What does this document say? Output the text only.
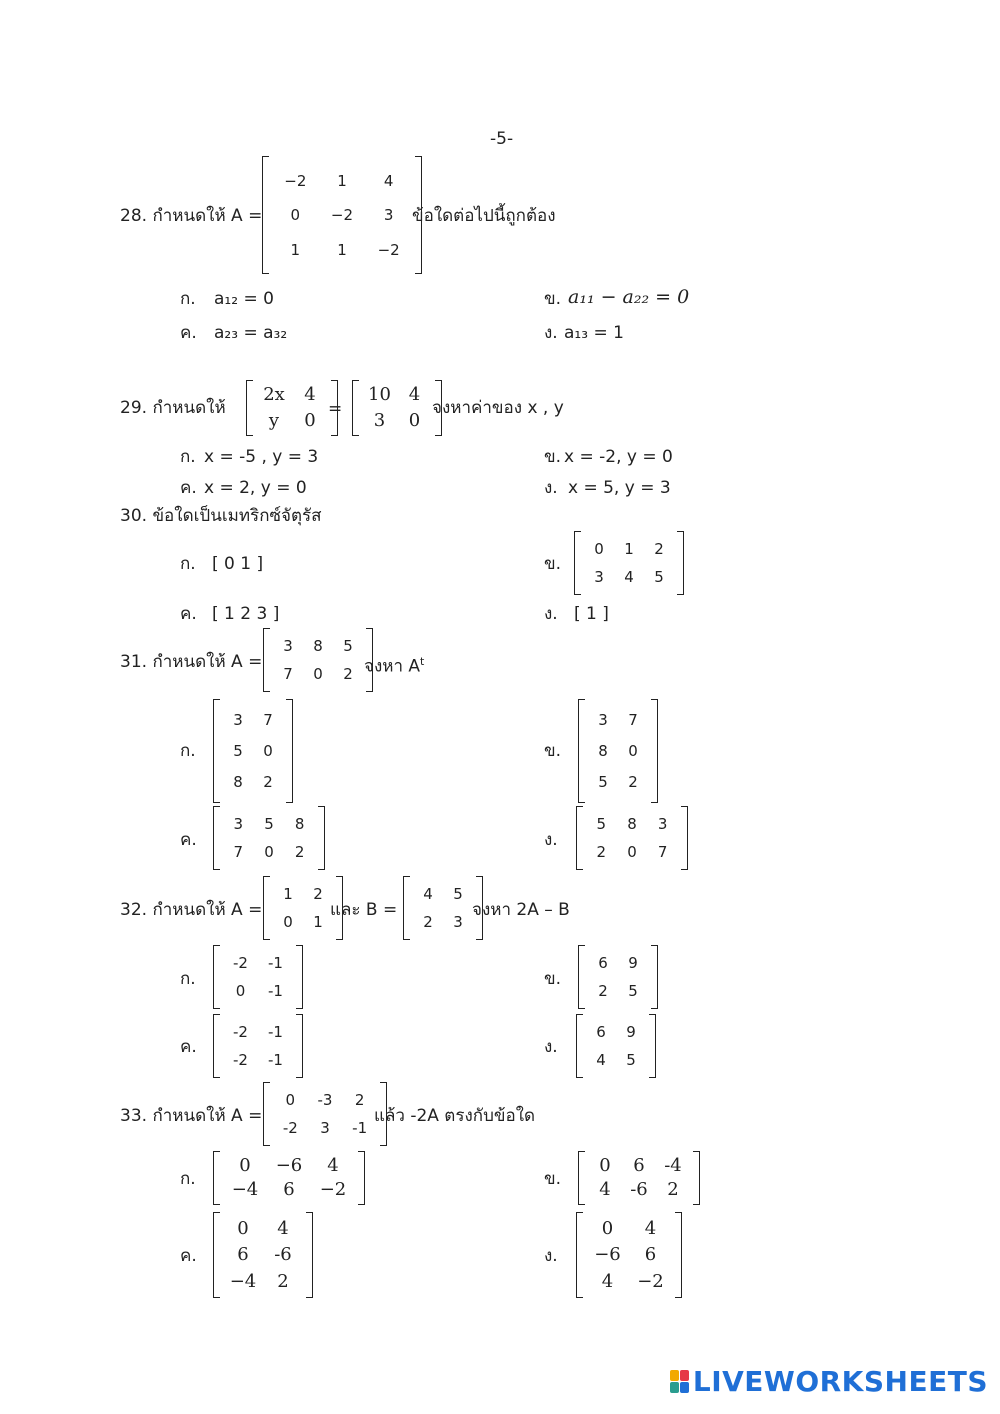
-5-
28. กำหนดให้ A =
−2	1	4
0	−2	3
1	1	−2
ข้อใดต่อไปนี้ถูกต้อง
ก. a₁₂ = 0	ข. a₁₁ − a₂₂ = 0
ค. a₂₃ = a₃₂	ง. a₁₃ = 1
29. กำหนดให้
2x	4
y	0
=
10 4
3	0
จงหาค่าของ x , y
ก. x = -5 , y = 3	ข. x = -2, y = 0
ค. x = 2, y = 0	ง. x = 5, y = 3
30. ข้อใดเป็นเมทริกซ์จัตุรัส
ก. [ 0 1 ]	ข.
0	1	2
3	4	5
ค. [ 1 2 3 ]	ง. [ 1 ]
31. กำหนดให้ A =
3	8	5
7	0	2 จงหา $A^t$
ก.
3	7
5	0
8	2
ข.
3	7
8	0
5	2
ค.
3	5	8
7	0	2
ง.
5	8	3
2	0	7
32. กำหนดให้ A =
1	2
0	1
และ B =
4	5
2	3
จงหา 2A – B
ก.
-2	-1
0	-1
ข.
6	9
2	5
ค.
-2	-1
-2	-1
ง.
6	9
4	5
33. กำหนดให้ A =
0	-3	2
-2	3	-1
แล้ว -2A ตรงกับข้อใด
ก.
0	−6	4
−4	6	−2
ข.
0	6	-4
4	-6	2
ค.
0	4
6	-6
−4	2
ง.
0	4
−6	6
4	−2
LIVEWORKSHEETS
